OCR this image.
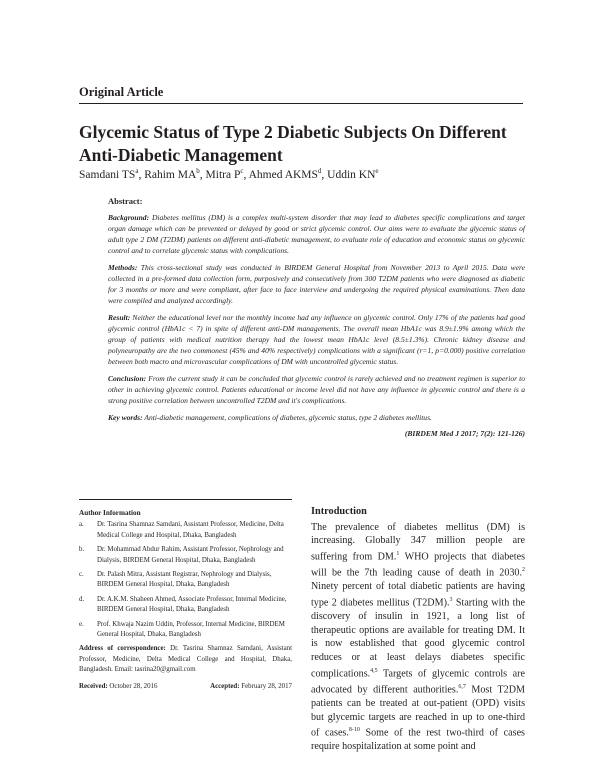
Original Article
Glycemic Status of Type 2 Diabetic Subjects On Different
Anti-Diabetic Management
Samdani $TS^a$, Rahim $MA^b$, Mitra $P^c$, Ahmed AKMS$^d$, Uddin $KN^e$
Abstract:

Background: Diabetes mellitus (DM) is a complex multi-system disorder that may lead to diabetes specific complications and target organ damage which can be prevented or delayed by good or strict glycemic control. Our aims were to evaluate the glycemic status of adult type 2 DM (T2DM) patients on different anti-diabetic management, to evaluate role of education and economic status on glycemic control and to correlate glycemic status with complications.

Methods: This cross-sectional study was conducted in BIRDEM General Hospital from November 2013 to April 2015. Data were collected in a pre-formed data collection form, purposively and consecutively from 300 T2DM patients who were diagnosed as diabetic for 3 months or more and were compliant, after face to face interview and undergoing the required physical examinations. Then data were compiled and analyzed accordingly.

Result: Neither the educational level nor the monthly income had any influence on glycemic control. Only 17% of the patients had good glycemic control (HbA1c < 7) in spite of different anti-DM managements. The overall mean HbA1c was 8.9±1.9% among which the group of patients with medical nutrition therapy had the lowest mean HbA1c level (8.5±1.3%). Chronic kidney disease and polyneuropathy are the two commonest (45% and 40% respectively) complications with a significant (r=1, p=0.000) positive correlation between both macro and microvascular complications of DM with uncontrolled glycemic status.

Conclusion: From the current study it can be concluded that glycemic control is rarely achieved and no treatment regimen is superior to other in achieving glycemic control. Patients educational or income level did not have any influence in glycemic control and there is a strong positive correlation between uncontrolled T2DM and it's complications.

Key words: Anti-diabetic management, complications of diabetes, glycemic status, type 2 diabetes mellitus.

(BIRDEM Med J 2017; 7(2): 121-126)
Author Information
a.	Dr. Tasrina Shamnaz Samdani, Assistant Professor, Medicine, Delta Medical College and Hospital, Dhaka, Bangladesh
b.	Dr. Mohammad Abdur Rahim, Assistant Professor, Nephrology and Dialysis, BIRDEM General Hospital, Dhaka, Bangladesh
c.	Dr. Palash Mitra, Assistant Registrar, Nephrology and Dialysis, BIRDEM General Hospital, Dhaka, Bangladesh
d.	Dr. A.K.M. Shaheen Ahmed, Associate Professor, Internal Medicine, BIRDEM General Hospital, Dhaka, Bangladesh
e.	Prof. Khwaja Nazim Uddin, Professor, Internal Medicine, BIRDEM General Hospital, Dhaka, Bangladesh
Address of correspondence: Dr. Tasrina Shamnaz Samdani, Assistant Professor, Medicine, Delta Medical College and Hospital, Dhaka, Bangladesh. Email: tasrina20@gmail.com
Received: October 28, 2016	Accepted: February 28, 2017
Introduction
The prevalence of diabetes mellitus (DM) is increasing. Globally 347 million people are suffering from DM.$^1$ WHO projects that diabetes will be the 7th leading cause of death in 2030.$^2$ Ninety percent of total diabetic patients are having type 2 diabetes mellitus (T2DM).$^3$ Starting with the discovery of insulin in 1921, a long list of therapeutic options are available for treating DM. It is now established that good glycemic control reduces or at least delays diabetes specific complications.$^{4,5}$ Targets of glycemic controls are advocated by different authorities.$^{6,7}$ Most T2DM patients can be treated at out-patient (OPD) visits but glycemic targets are reached in up to one-third of cases.$^{8-10}$ Some of the rest two-third of cases require hospitalization at some point and
